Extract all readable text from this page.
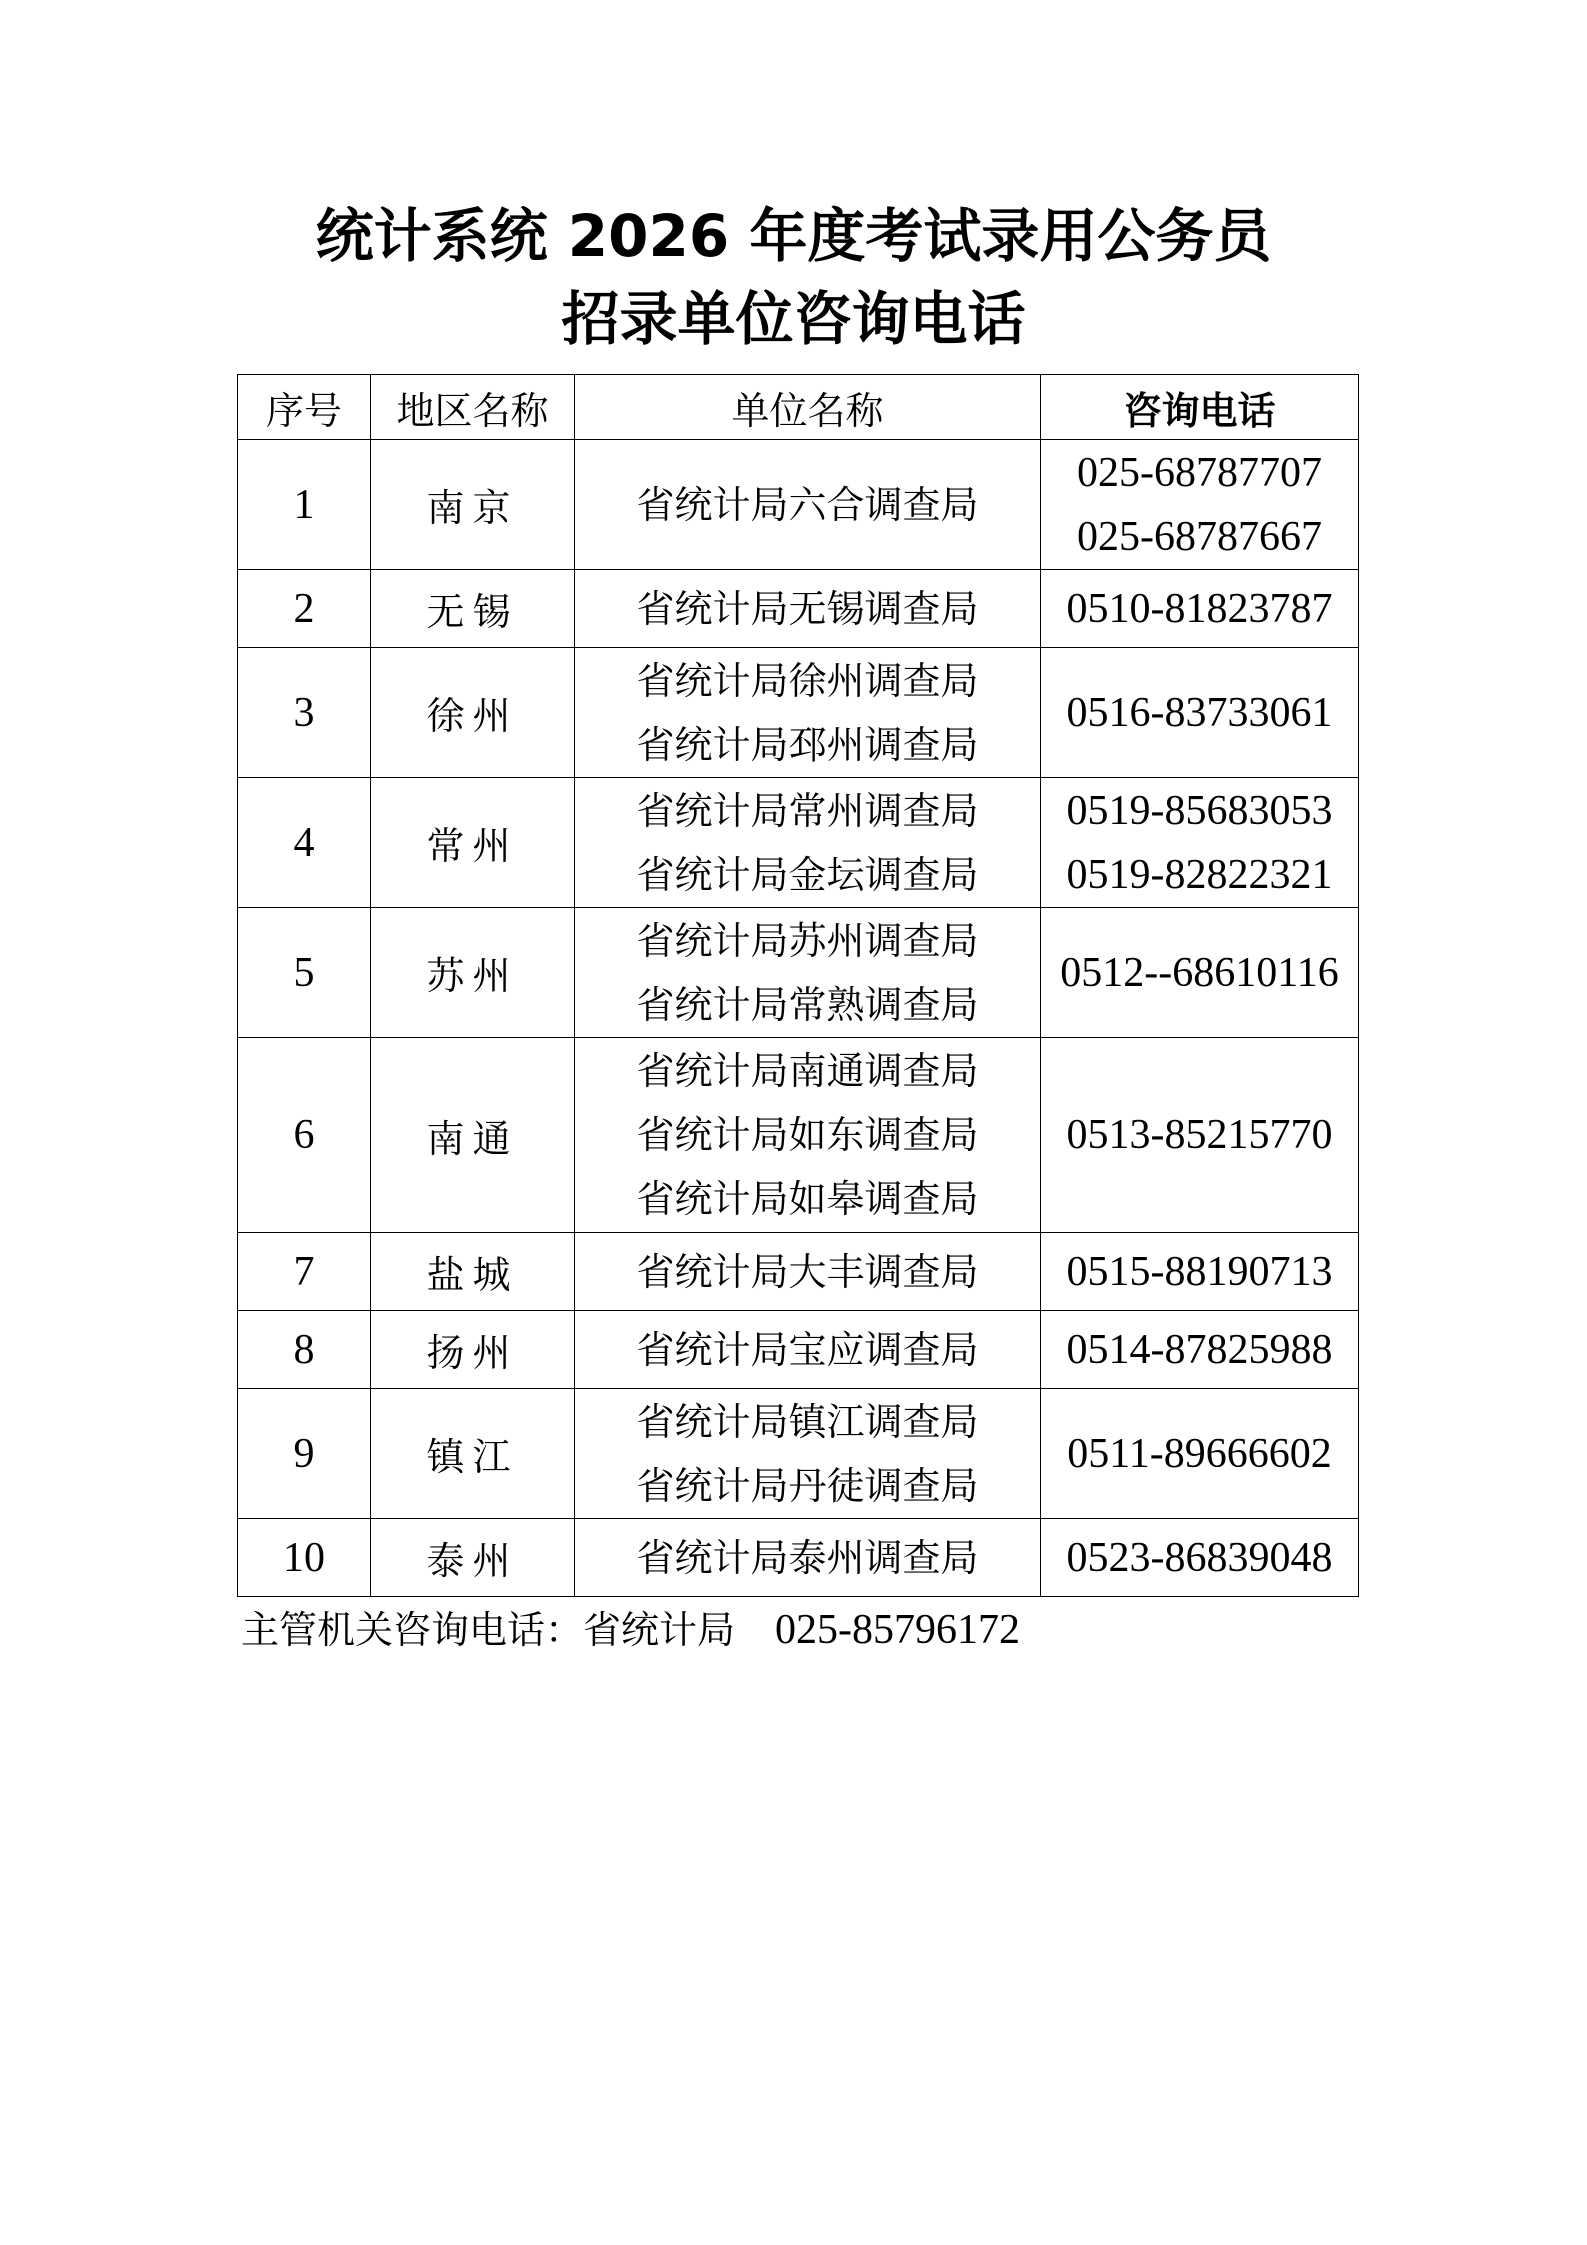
统计系统 2026 年度考试录用公务员
招录单位咨询电话
序号	地区名称	单位名称	咨询电话
1	南京	省统计局六合调查局	025-68787707
025-68787667

2	无锡	省统计局无锡调查局	0510-81823787

3	徐州	省统计局徐州调查局
省统计局邳州调查局	0516-83733061

4	常州	省统计局常州调查局
省统计局金坛调查局	0519-85683053
0519-82822321

5	苏州	省统计局苏州调查局
省统计局常熟调查局	0512--68610116

6	南通	省统计局南通调查局
省统计局如东调查局
省统计局如皋调查局	0513-85215770

7	盐城	省统计局大丰调查局	0515-88190713

8	扬州	省统计局宝应调查局	0514-87825988

9	镇江	省统计局镇江调查局
省统计局丹徒调查局	0511-89666602

10	泰州	省统计局泰州调查局	0523-86839048
主管机关咨询电话：省统计局 025-85796172
